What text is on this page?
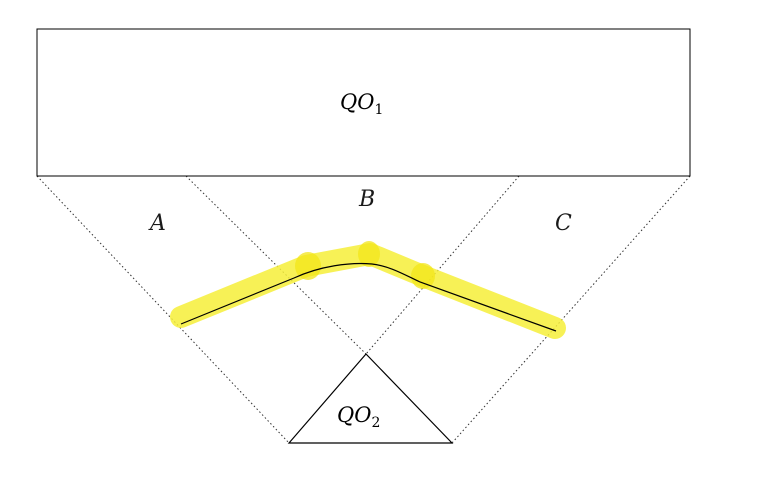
$QO_1$
$QO_2$
A
B
C
